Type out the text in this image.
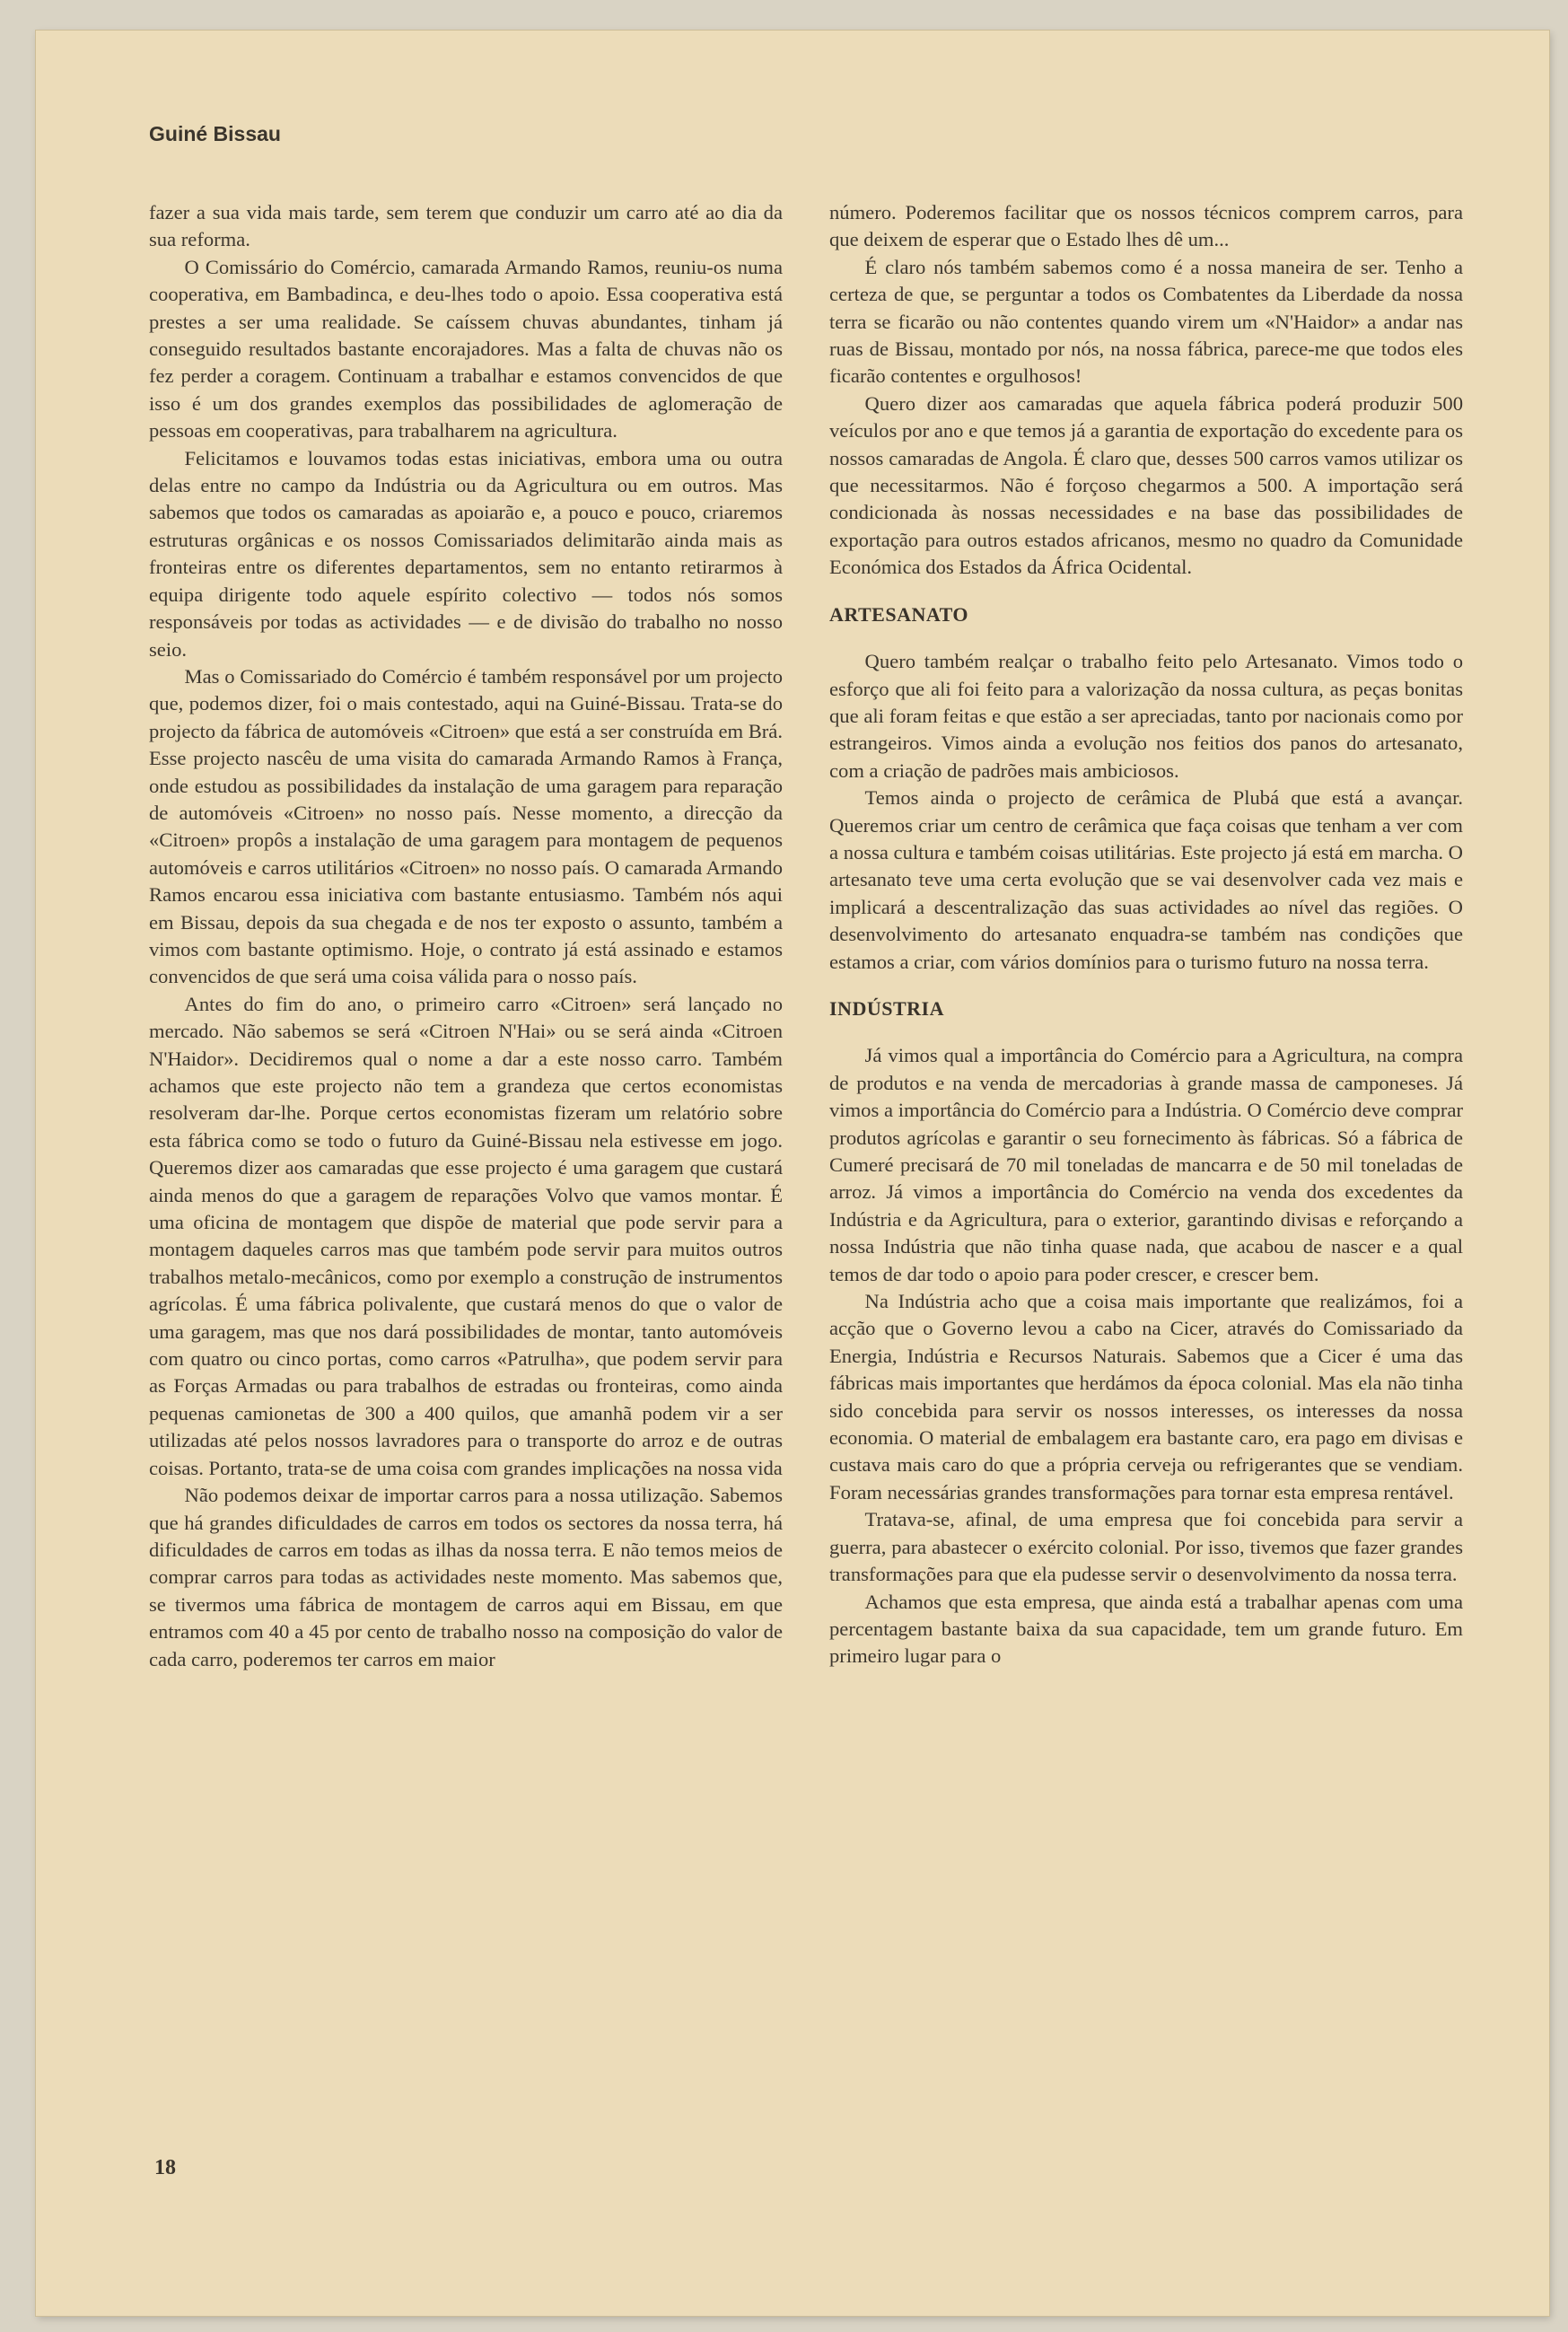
Guiné Bissau

fazer a sua vida mais tarde, sem terem que conduzir um carro até ao dia da sua reforma.

O Comissário do Comércio, camarada Armando Ramos, reuniu-os numa cooperativa, em Bambadinca, e deu-lhes todo o apoio. Essa cooperativa está prestes a ser uma realidade. Se caíssem chuvas abundantes, tinham já conseguido resultados bastante encorajadores. Mas a falta de chuvas não os fez perder a coragem. Continuam a trabalhar e estamos convencidos de que isso é um dos grandes exemplos das possibilidades de aglomeração de pessoas em cooperativas, para trabalharem na agricultura.

Felicitamos e louvamos todas estas iniciativas, embora uma ou outra delas entre no campo da Indústria ou da Agricultura ou em outros. Mas sabemos que todos os camaradas as apoiarão e, a pouco e pouco, criaremos estruturas orgânicas e os nossos Comissariados delimitarão ainda mais as fronteiras entre os diferentes departamentos, sem no entanto retirarmos à equipa dirigente todo aquele espírito colectivo — todos nós somos responsáveis por todas as actividades — e de divisão do trabalho no nosso seio.

Mas o Comissariado do Comércio é também responsável por um projecto que, podemos dizer, foi o mais contestado, aqui na Guiné-Bissau. Trata-se do projecto da fábrica de automóveis «Citroen» que está a ser construída em Brá. Esse projecto nascêu de uma visita do camarada Armando Ramos à França, onde estudou as possibilidades da instalação de uma garagem para reparação de automóveis «Citroen» no nosso país. Nesse momento, a direcção da «Citroen» propôs a instalação de uma garagem para montagem de pequenos automóveis e carros utilitários «Citroen» no nosso país. O camarada Armando Ramos encarou essa iniciativa com bastante entusiasmo. Também nós aqui em Bissau, depois da sua chegada e de nos ter exposto o assunto, também a vimos com bastante optimismo. Hoje, o contrato já está assinado e estamos convencidos de que será uma coisa válida para o nosso país.

Antes do fim do ano, o primeiro carro «Citroen» será lançado no mercado. Não sabemos se será «Citroen N'Hai» ou se será ainda «Citroen N'Haidor». Decidiremos qual o nome a dar a este nosso carro. Também achamos que este projecto não tem a grandeza que certos economistas resolveram dar-lhe. Porque certos economistas fizeram um relatório sobre esta fábrica como se todo o futuro da Guiné-Bissau nela estivesse em jogo. Queremos dizer aos camaradas que esse projecto é uma garagem que custará ainda menos do que a garagem de reparações Volvo que vamos montar. É uma oficina de montagem que dispõe de material que pode servir para a montagem daqueles carros mas que também pode servir para muitos outros trabalhos metalo-mecânicos, como por exemplo a construção de instrumentos agrícolas. É uma fábrica polivalente, que custará menos do que o valor de uma garagem, mas que nos dará possibilidades de montar, tanto automóveis com quatro ou cinco portas, como carros «Patrulha», que podem servir para as Forças Armadas ou para trabalhos de estradas ou fronteiras, como ainda pequenas camionetas de 300 a 400 quilos, que amanhã podem vir a ser utilizadas até pelos nossos lavradores para o transporte do arroz e de outras coisas. Portanto, trata-se de uma coisa com grandes implicações na nossa vida

Não podemos deixar de importar carros para a nossa utilização. Sabemos que há grandes dificuldades de carros em todos os sectores da nossa terra, há dificuldades de carros em todas as ilhas da nossa terra. E não temos meios de comprar carros para todas as actividades neste momento. Mas sabemos que, se tivermos uma fábrica de montagem de carros aqui em Bissau, em que entramos com 40 a 45 por cento de trabalho nosso na composição do valor de cada carro, poderemos ter carros em maior

número. Poderemos facilitar que os nossos técnicos comprem carros, para que deixem de esperar que o Estado lhes dê um...

É claro nós também sabemos como é a nossa maneira de ser. Tenho a certeza de que, se perguntar a todos os Combatentes da Liberdade da nossa terra se ficarão ou não contentes quando virem um «N'Haidor» a andar nas ruas de Bissau, montado por nós, na nossa fábrica, parece-me que todos eles ficarão contentes e orgulhosos!

Quero dizer aos camaradas que aquela fábrica poderá produzir 500 veículos por ano e que temos já a garantia de exportação do excedente para os nossos camaradas de Angola. É claro que, desses 500 carros vamos utilizar os que necessitarmos. Não é forçoso chegarmos a 500. A importação será condicionada às nossas necessidades e na base das possibilidades de exportação para outros estados africanos, mesmo no quadro da Comunidade Económica dos Estados da África Ocidental.

ARTESANATO

Quero também realçar o trabalho feito pelo Artesanato. Vimos todo o esforço que ali foi feito para a valorização da nossa cultura, as peças bonitas que ali foram feitas e que estão a ser apreciadas, tanto por nacionais como por estrangeiros. Vimos ainda a evolução nos feitios dos panos do artesanato, com a criação de padrões mais ambiciosos.

Temos ainda o projecto de cerâmica de Plubá que está a avançar. Queremos criar um centro de cerâmica que faça coisas que tenham a ver com a nossa cultura e também coisas utilitárias. Este projecto já está em marcha. O artesanato teve uma certa evolução que se vai desenvolver cada vez mais e implicará a descentralização das suas actividades ao nível das regiões. O desenvolvimento do artesanato enquadra-se também nas condições que estamos a criar, com vários domínios para o turismo futuro na nossa terra.

INDÚSTRIA

Já vimos qual a importância do Comércio para a Agricultura, na compra de produtos e na venda de mercadorias à grande massa de camponeses. Já vimos a importância do Comércio para a Indústria. O Comércio deve comprar produtos agrícolas e garantir o seu fornecimento às fábricas. Só a fábrica de Cumeré precisará de 70 mil toneladas de mancarra e de 50 mil toneladas de arroz. Já vimos a importância do Comércio na venda dos excedentes da Indústria e da Agricultura, para o exterior, garantindo divisas e reforçando a nossa Indústria que não tinha quase nada, que acabou de nascer e a qual temos de dar todo o apoio para poder crescer, e crescer bem.

Na Indústria acho que a coisa mais importante que realizámos, foi a acção que o Governo levou a cabo na Cicer, através do Comissariado da Energia, Indústria e Recursos Naturais. Sabemos que a Cicer é uma das fábricas mais importantes que herdámos da época colonial. Mas ela não tinha sido concebida para servir os nossos interesses, os interesses da nossa economia. O material de embalagem era bastante caro, era pago em divisas e custava mais caro do que a própria cerveja ou refrigerantes que se vendiam. Foram necessárias grandes transformações para tornar esta empresa rentável.

Tratava-se, afinal, de uma empresa que foi concebida para servir a guerra, para abastecer o exército colonial. Por isso, tivemos que fazer grandes transformações para que ela pudesse servir o desenvolvimento da nossa terra.

Achamos que esta empresa, que ainda está a trabalhar apenas com uma percentagem bastante baixa da sua capacidade, tem um grande futuro. Em primeiro lugar para o

18
